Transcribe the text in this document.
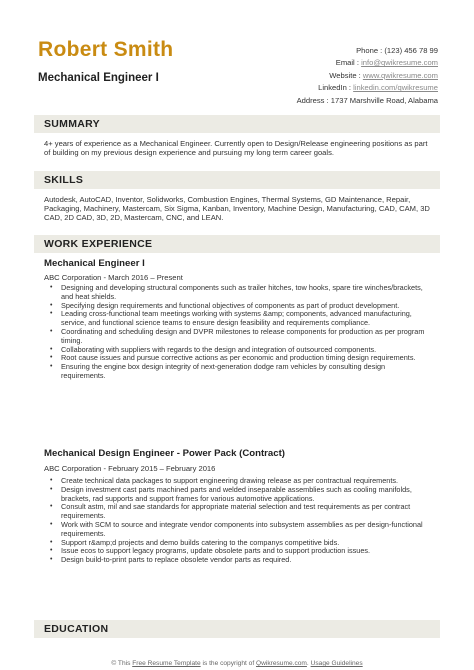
Robert Smith
Mechanical Engineer I
Phone : (123) 456 78 99
Email : info@qwikresume.com
Website : www.qwikresume.com
LinkedIn : linkedin.com/qwikresume
Address : 1737 Marshville Road, Alabama
SUMMARY
4+ years of experience as a Mechanical Engineer. Currently open to Design/Release engineering positions as part of building on my previous design experience and pursuing my long term career goals.
SKILLS
Autodesk, AutoCAD, Inventor, Solidworks, Combustion Engines, Thermal Systems, GD Maintenance, Repair, Packaging, Machinery, Mastercam, Six Sigma, Kanban, Inventory, Machine Design, Manufacturing, CAD, CAM, 3D CAD, 2D CAD, 3D, 2D, Mastercam, CNC, and LEAN.
WORK EXPERIENCE
Mechanical Engineer I
ABC Corporation - March 2016 – Present
• Designing and developing structural components such as trailer hitches, tow hooks, spare tire winches/brackets, and heat shields.
• Specifying design requirements and functional objectives of components as part of product development.
• Leading cross-functional team meetings working with systems &amp; components, advanced manufacturing, service, and functional science teams to ensure design feasibility and requirements compliance.
• Coordinating and scheduling design and DVPR milestones to release components for production as per program timing.
• Collaborating with suppliers with regards to the design and integration of outsourced components.
• Root cause issues and pursue corrective actions as per economic and production timing design requirements.
• Ensuring the engine box design integrity of next-generation dodge ram vehicles by consulting design requirements.
Mechanical Design Engineer - Power Pack (Contract)
ABC Corporation - February 2015 – February 2016
• Create technical data packages to support engineering drawing release as per contractual requirements.
• Design investment cast parts machined parts and welded inseparable assemblies such as cooling manifolds, brackets, rad supports and support frames for various automotive applications.
• Consult astm, mil and sae standards for appropriate material selection and test requirements as per contract requirements.
• Work with SCM to source and integrate vendor components into subsystem assemblies as per design-functional requirements.
• Support r&amp;d projects and demo builds catering to the companys competitive bids.
• Issue ecos to support legacy programs, update obsolete parts and to support production issues.
• Design build-to-print parts to replace obsolete vendor parts as required.
EDUCATION
© This Free Resume Template is the copyright of Qwikresume.com. Usage Guidelines
